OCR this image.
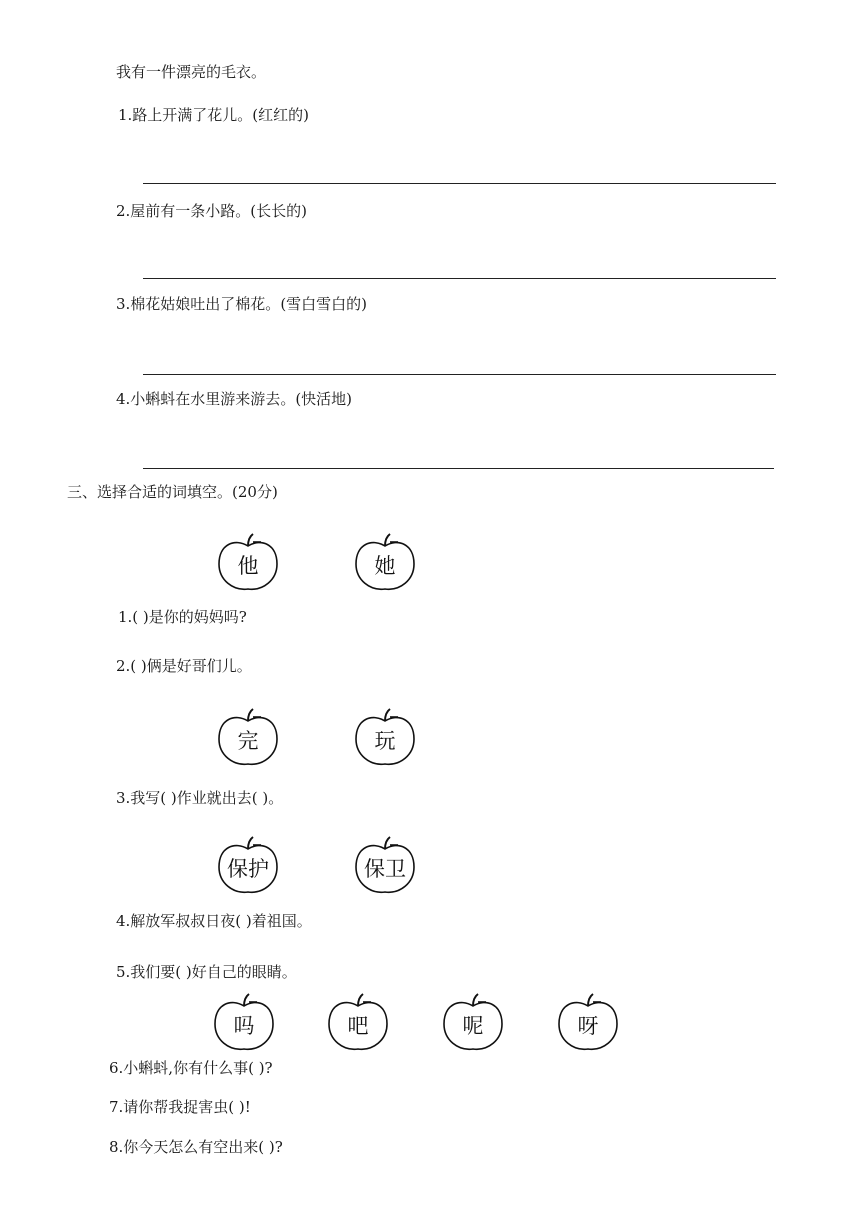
我有一件漂亮的毛衣。
1.路上开满了花儿。(红红的)
2.屋前有一条小路。(长长的)
3.棉花姑娘吐出了棉花。(雪白雪白的)
4.小蝌蚪在水里游来游去。(快活地)
三、选择合适的词填空。(20分)
他	她
1.( )是你的妈妈吗?
2.( )俩是好哥们儿。
完	玩
3.我写( )作业就出去( )。
保护	保卫
4.解放军叔叔日夜( )着祖国。
5.我们要( )好自己的眼睛。
吗	吧	呢	呀
6.小蝌蚪,你有什么事( )?
7.请你帮我捉害虫( )!
8.你今天怎么有空出来( )?
